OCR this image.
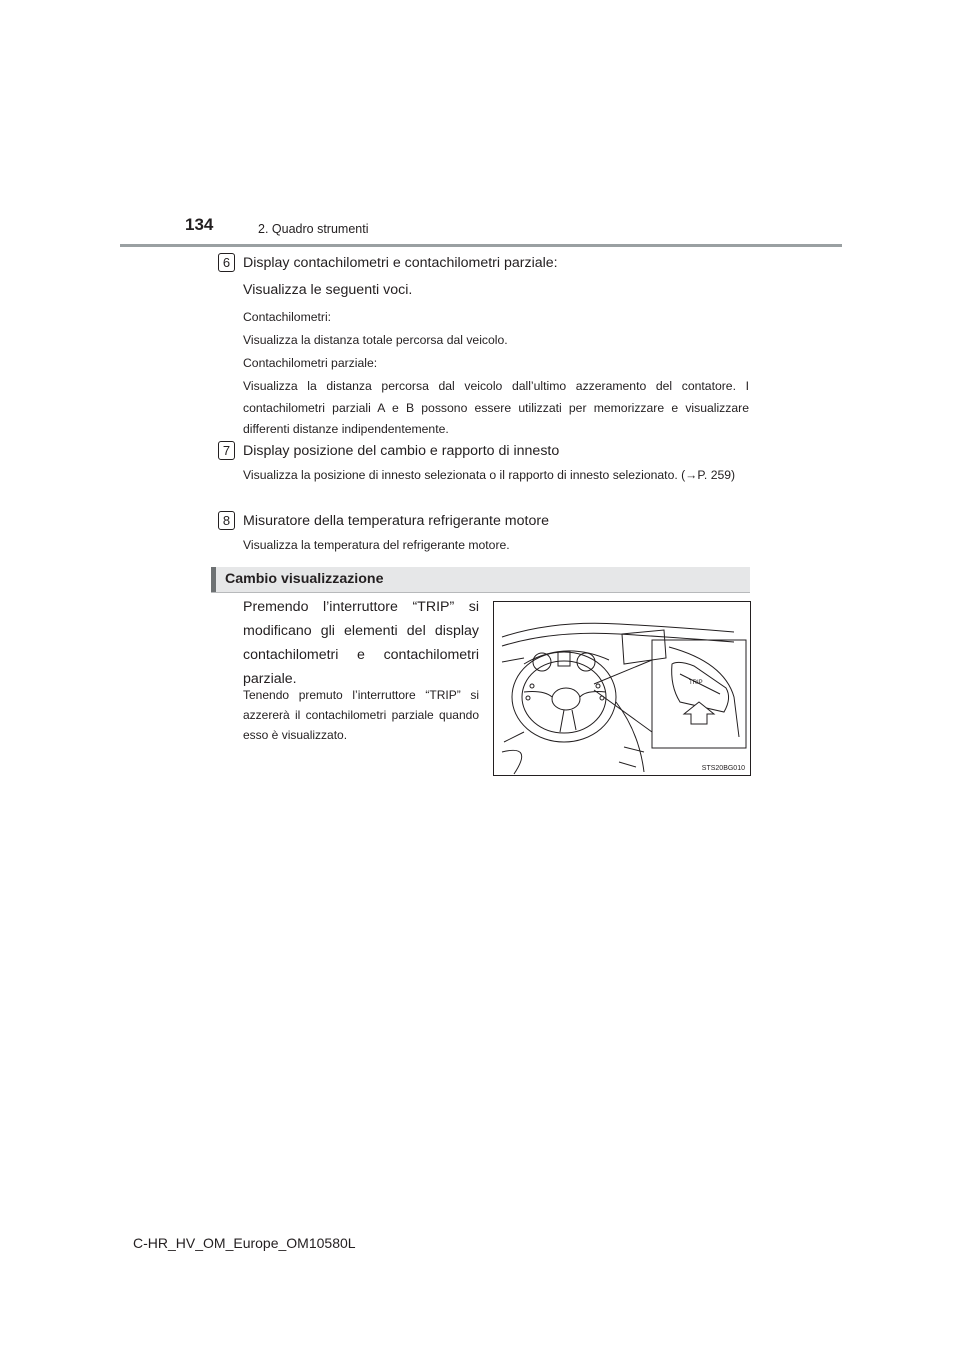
134	2. Quadro strumenti
6 Display contachilometri e contachilometri parziale:
Visualizza le seguenti voci.
Contachilometri:
Visualizza la distanza totale percorsa dal veicolo.
Contachilometri parziale:
Visualizza la distanza percorsa dal veicolo dall’ultimo azzeramento del contatore. I contachilometri parziali A e B possono essere utilizzati per memorizzare e visualizzare differenti distanze indipendentemente.
7 Display posizione del cambio e rapporto di innesto
Visualizza la posizione di innesto selezionata o il rapporto di innesto selezionato. (→P. 259)
8 Misuratore della temperatura refrigerante motore
Visualizza la temperatura del refrigerante motore.
Cambio visualizzazione
Premendo l’interruttore “TRIP” si modificano gli elementi del display contachilometri e contachilometri parziale.
Tenendo premuto l’interruttore “TRIP” si azzererà il contachilometri parziale quando esso è visualizzato.
TRIP
STS20BG010
C-HR_HV_OM_Europe_OM10580L
